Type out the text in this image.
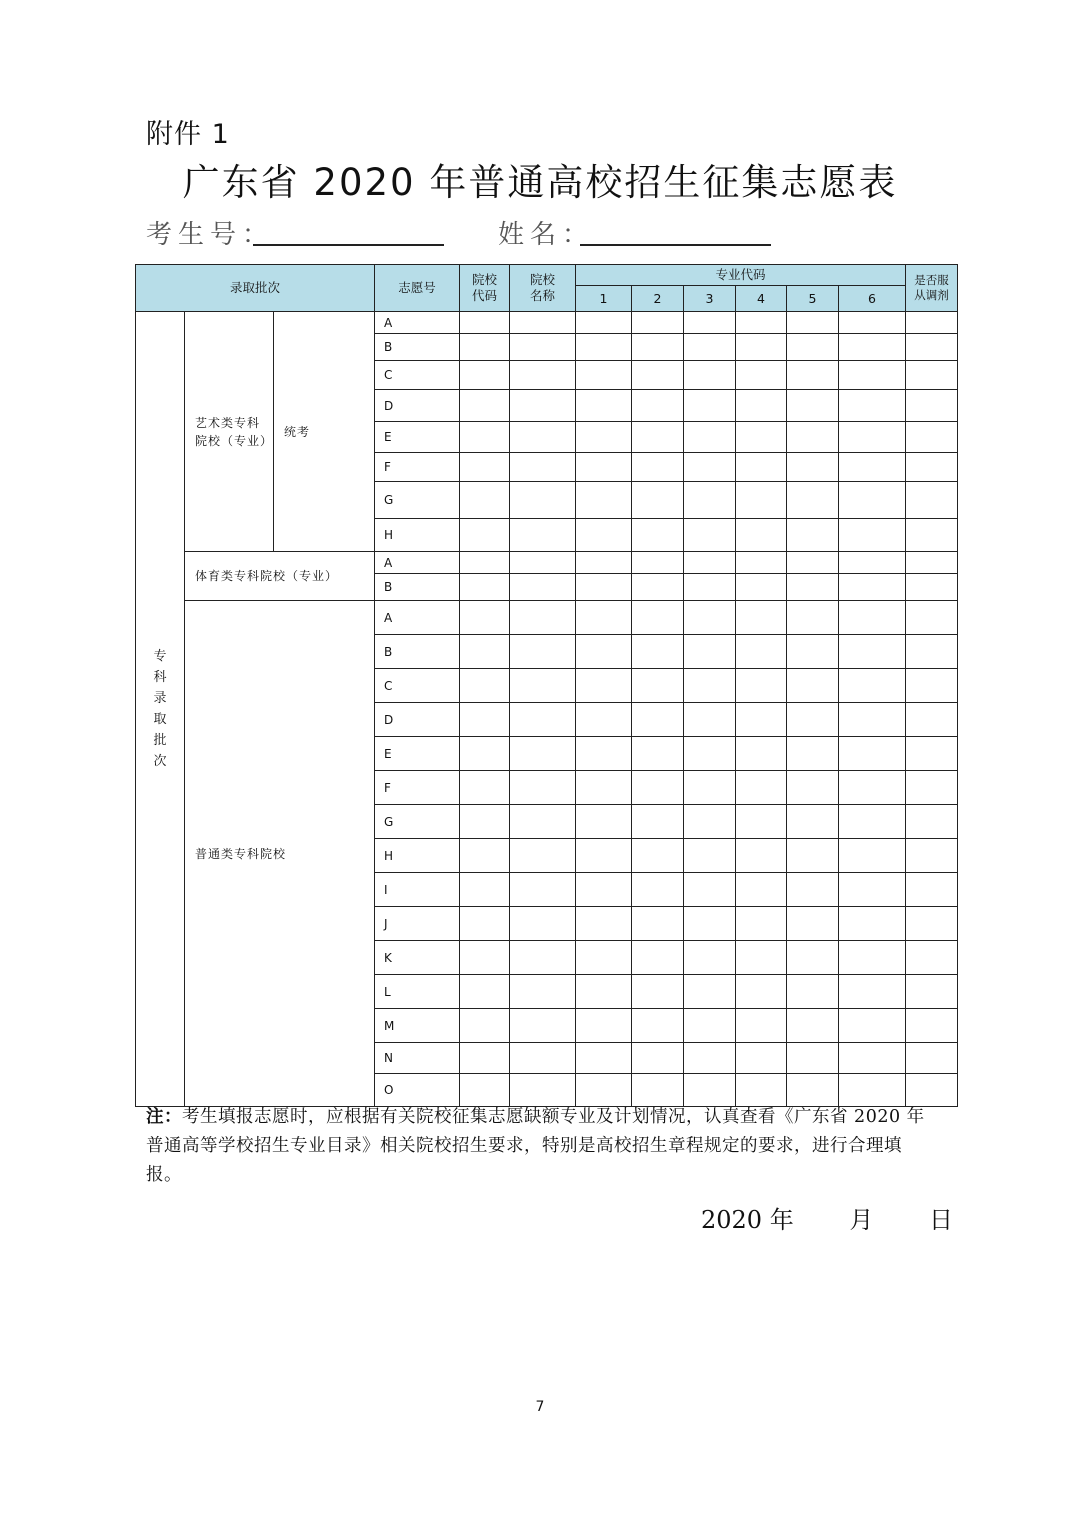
附件 1
广东省 2020 年普通高校招生征集志愿表
考生号：	姓名：
录取批次			志愿号	院校代码	院校名称	专业代码						是否服从调剂

						1	2	3	4	5	6	

专科录取批次	艺术类专科院校（专业）	统考	A									
			B									
			C									
			D									
			E									
			F									
			G									
			H									
	体育类专科院校（专业）		A									
			B									
	普通类专科院校		A									
			B									
			C									
			D									
			E									
			F									
			G									
			H									
			I									
			J									
			K									
			L									
			M									
			N									
			O									
注：考生填报志愿时，应根据有关院校征集志愿缺额专业及计划情况，认真查看《广东省 2020 年普通高等学校招生专业目录》相关院校招生要求，特别是高校招生章程规定的要求，进行合理填报。
2020 年 月 日
7
